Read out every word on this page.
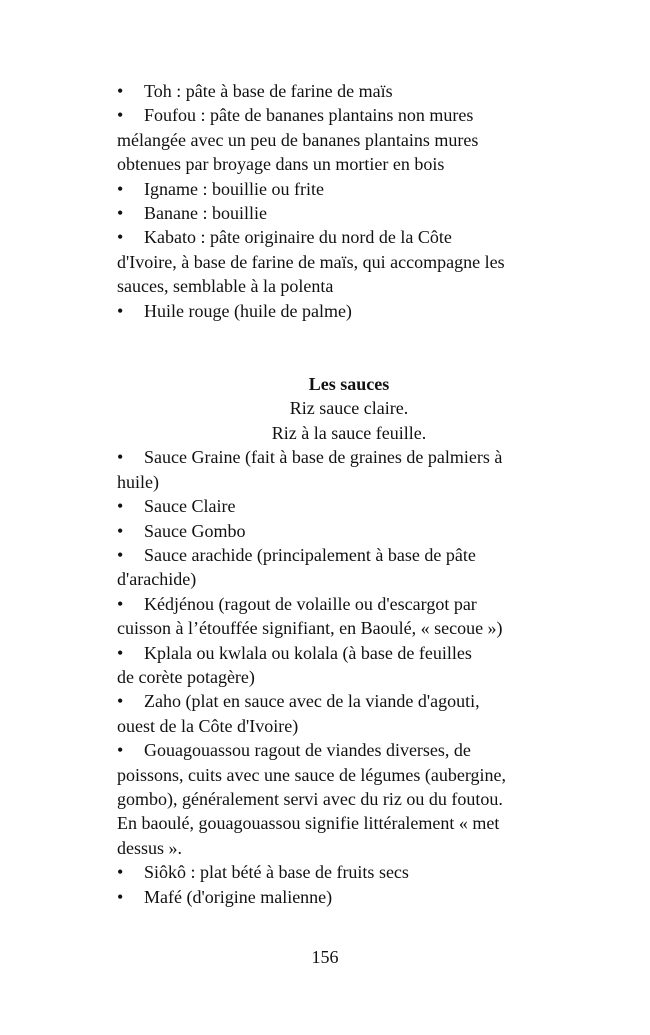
• Toh : pâte à base de farine de maïs
• Foufou : pâte de bananes plantains non mures
mélangée avec un peu de bananes plantains mures
obtenues par broyage dans un mortier en bois
• Igname : bouillie ou frite
• Banane : bouillie
• Kabato : pâte originaire du nord de la Côte
d'Ivoire, à base de farine de maïs, qui accompagne les
sauces, semblable à la polenta
• Huile rouge (huile de palme)

Les sauces

Riz sauce claire.

Riz à la sauce feuille.

• Sauce Graine (fait à base de graines de palmiers à
huile)
• Sauce Claire
• Sauce Gombo
• Sauce arachide (principalement à base de pâte
d'arachide)
• Kédjénou (ragout de volaille ou d'escargot par
cuisson à l’étouffée signifiant, en Baoulé, « secoue »)
• Kplala ou kwlala ou kolala (à base de feuilles
de corète potagère)
• Zaho (plat en sauce avec de la viande d'agouti,
ouest de la Côte d'Ivoire)
• Gouagouassou ragout de viandes diverses, de
poissons, cuits avec une sauce de légumes (aubergine,
gombo), généralement servi avec du riz ou du foutou.
En baoulé, gouagouassou signifie littéralement « met
dessus ».
• Siôkô : plat bété à base de fruits secs
• Mafé (d'origine malienne)
156
